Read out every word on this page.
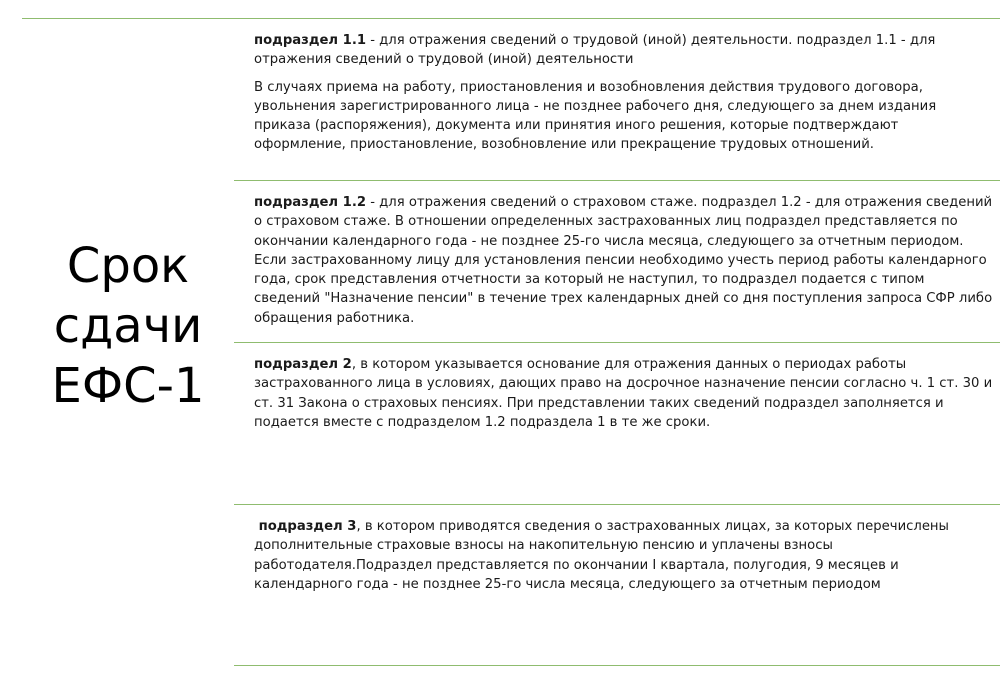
Срок
сдачи
ЕФС-1

подраздел 1.1 - для отражения сведений о трудовой (иной) деятельности. подраздел 1.1 - для отражения сведений о трудовой (иной) деятельности

В случаях приема на работу, приостановления и возобновления действия трудового договора, увольнения зарегистрированного лица - не позднее рабочего дня, следующего за днем издания приказа (распоряжения), документа или принятия иного решения, которые подтверждают оформление, приостановление, возобновление или прекращение трудовых отношений.

подраздел 1.2 - для отражения сведений о страховом стаже. подраздел 1.2 - для отражения сведений о страховом стаже. В отношении определенных застрахованных лиц подраздел представляется по окончании календарного года - не позднее 25-го числа месяца, следующего за отчетным периодом. Если застрахованному лицу для установления пенсии необходимо учесть период работы календарного года, срок представления отчетности за который не наступил, то подраздел подается с типом сведений "Назначение пенсии" в течение трех календарных дней со дня поступления запроса СФР либо обращения работника.

подраздел 2, в котором указывается основание для отражения данных о периодах работы застрахованного лица в условиях, дающих право на досрочное назначение пенсии согласно ч. 1 ст. 30 и ст. 31 Закона о страховых пенсиях. При представлении таких сведений подраздел заполняется и подается вместе с подразделом 1.2 подраздела 1 в те же сроки.

подраздел 3, в котором приводятся сведения о застрахованных лицах, за которых перечислены дополнительные страховые взносы на накопительную пенсию и уплачены взносы работодателя.Подраздел представляется по окончании I квартала, полугодия, 9 месяцев и календарного года - не позднее 25-го числа месяца, следующего за отчетным периодом
